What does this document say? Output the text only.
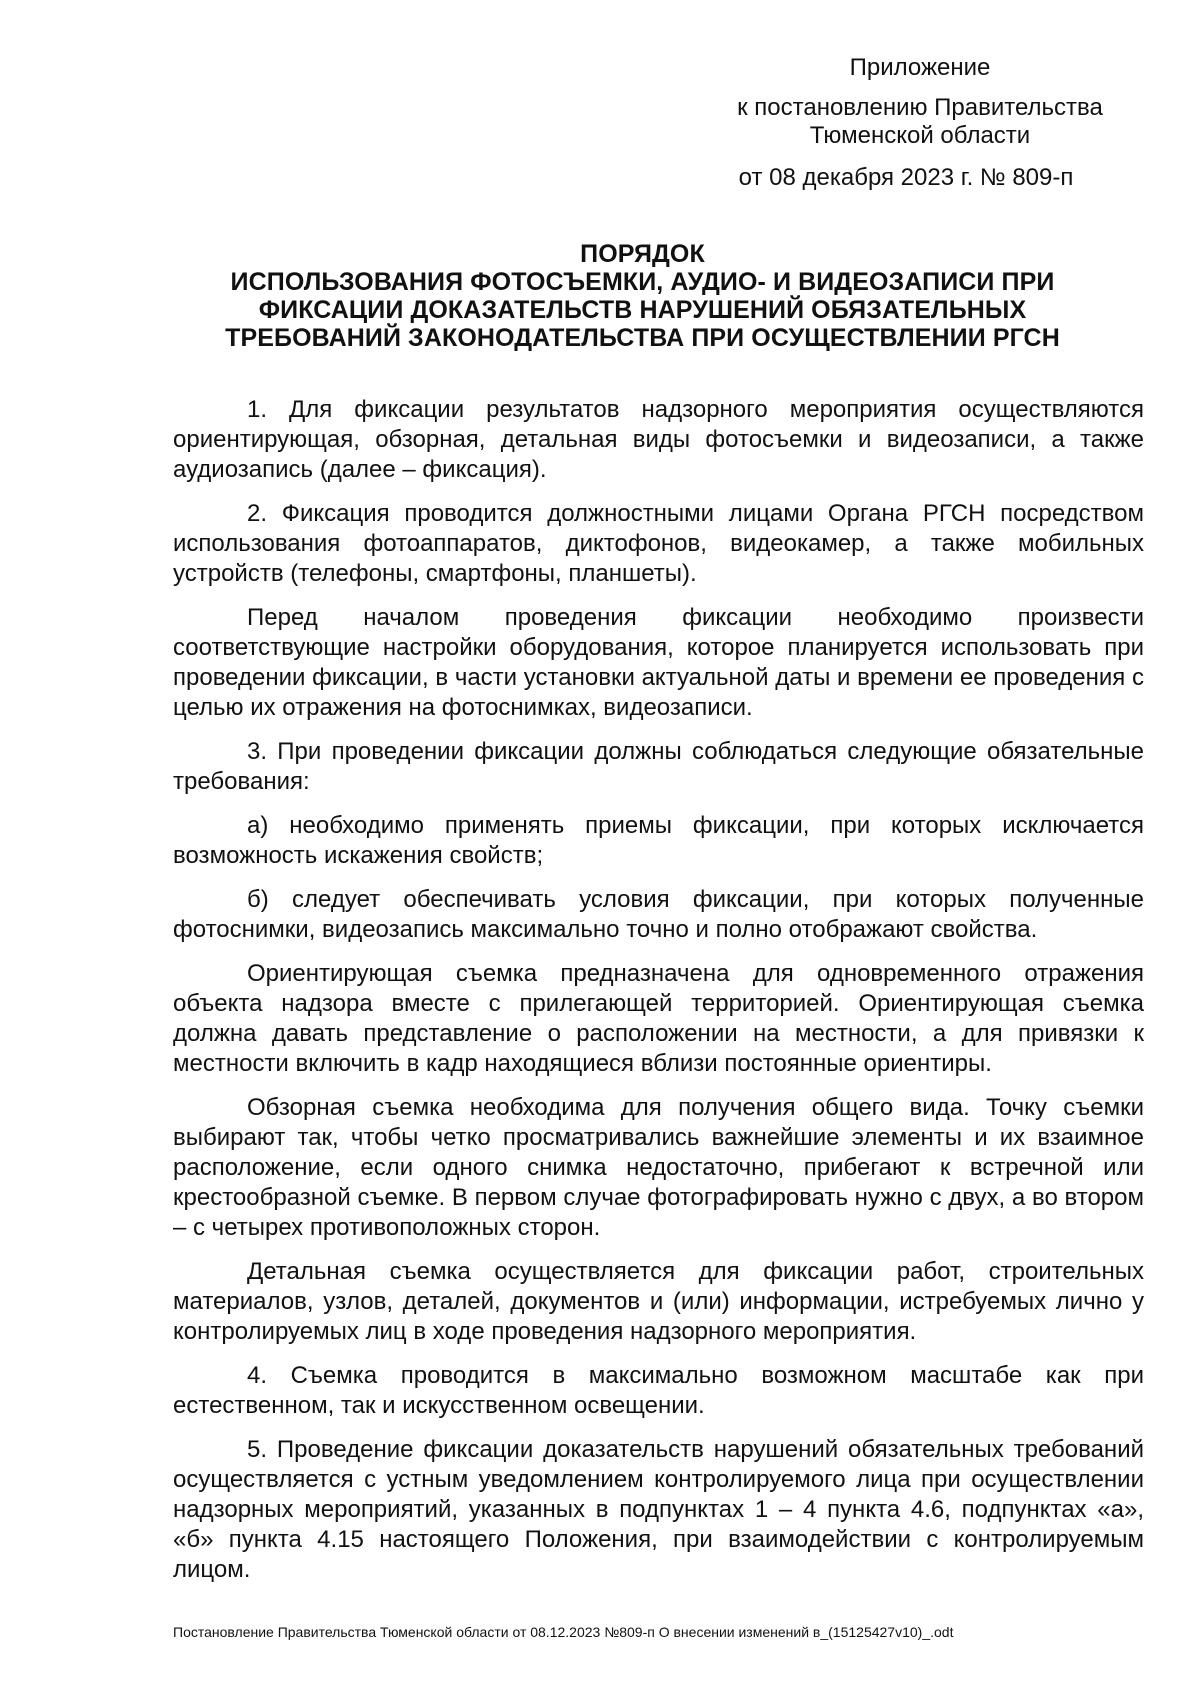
Приложение
к постановлению Правительства
Тюменской области
от 08 декабря 2023 г. № 809-п
ПОРЯДОК
ИСПОЛЬЗОВАНИЯ ФОТОСЪЕМКИ, АУДИО- И ВИДЕОЗАПИСИ ПРИ
ФИКСАЦИИ ДОКАЗАТЕЛЬСТВ НАРУШЕНИЙ ОБЯЗАТЕЛЬНЫХ
ТРЕБОВАНИЙ ЗАКОНОДАТЕЛЬСТВА ПРИ ОСУЩЕСТВЛЕНИИ РГСН

1. Для фиксации результатов надзорного мероприятия осуществляются ориентирующая, обзорная, детальная виды фотосъемки и видеозаписи, а также аудиозапись (далее – фиксация).

2. Фиксация проводится должностными лицами Органа РГСН посредством использования фотоаппаратов, диктофонов, видеокамер, а также мобильных устройств (телефоны, смартфоны, планшеты).

Перед началом проведения фиксации необходимо произвести соответствующие настройки оборудования, которое планируется использовать при проведении фиксации, в части установки актуальной даты и времени ее проведения с целью их отражения на фотоснимках, видеозаписи.

3. При проведении фиксации должны соблюдаться следующие обязательные требования:

а) необходимо применять приемы фиксации, при которых исключается возможность искажения свойств;

б) следует обеспечивать условия фиксации, при которых полученные фотоснимки, видеозапись максимально точно и полно отображают свойства.

Ориентирующая съемка предназначена для одновременного отражения объекта надзора вместе с прилегающей территорией. Ориентирующая съемка должна давать представление о расположении на местности, а для привязки к местности включить в кадр находящиеся вблизи постоянные ориентиры.

Обзорная съемка необходима для получения общего вида. Точку съемки выбирают так, чтобы четко просматривались важнейшие элементы и их взаимное расположение, если одного снимка недостаточно, прибегают к встречной или крестообразной съемке. В первом случае фотографировать нужно с двух, а во втором – с четырех противоположных сторон.

Детальная съемка осуществляется для фиксации работ, строительных материалов, узлов, деталей, документов и (или) информации, истребуемых лично у контролируемых лиц в ходе проведения надзорного мероприятия.

4. Съемка проводится в максимально возможном масштабе как при естественном, так и искусственном освещении.

5. Проведение фиксации доказательств нарушений обязательных требований осуществляется с устным уведомлением контролируемого лица при осуществлении надзорных мероприятий, указанных в подпунктах 1 – 4 пункта 4.6, подпунктах «а», «б» пункта 4.15 настоящего Положения, при взаимодействии с контролируемым лицом.

Постановление Правительства Тюменской области от 08.12.2023 №809-п О внесении изменений в_(15125427v10)_.odt
